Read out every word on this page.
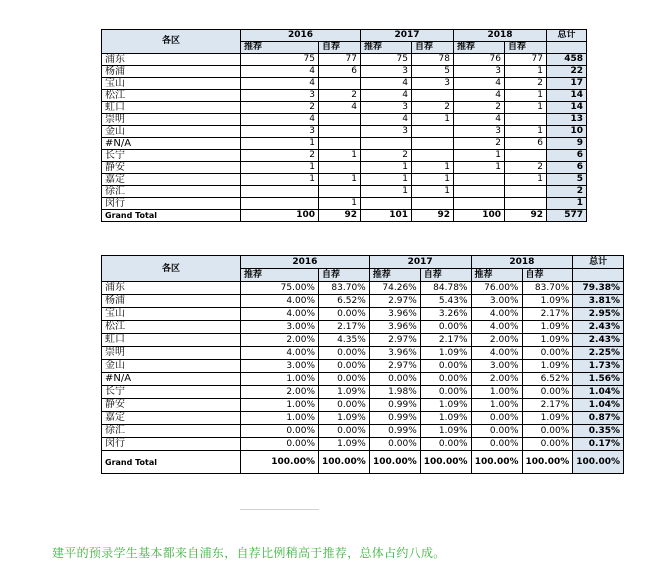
各区	2016		2017		2018		总计
	推荐	自荐	推荐	自荐	推荐	自荐	
浦东	75	77	75	78	76	77	458
杨浦	4	6	3	5	3	1	22
宝山	4		4	3	4	2	17
松江	3	2	4		4	1	14
虹口	2	4	3	2	2	1	14
崇明	4		4	1	4		13
金山	3		3		3	1	10
#N/A	1				2	6	9
长宁	2	1	2		1		6
静安	1		1	1	1	2	6
嘉定	1	1	1	1		1	5
徐汇			1	1			2
闵行		1					1
Grand Total	100	92	101	92	100	92	577
各区	2016		2017		2018		总计
	推荐	自荐	推荐	自荐	推荐	自荐	
浦东	75.00%	83.70%	74.26%	84.78%	76.00%	83.70%	79.38%
杨浦	4.00%	6.52%	2.97%	5.43%	3.00%	1.09%	3.81%
宝山	4.00%	0.00%	3.96%	3.26%	4.00%	2.17%	2.95%
松江	3.00%	2.17%	3.96%	0.00%	4.00%	1.09%	2.43%
虹口	2.00%	4.35%	2.97%	2.17%	2.00%	1.09%	2.43%
崇明	4.00%	0.00%	3.96%	1.09%	4.00%	0.00%	2.25%
金山	3.00%	0.00%	2.97%	0.00%	3.00%	1.09%	1.73%
#N/A	1.00%	0.00%	0.00%	0.00%	2.00%	6.52%	1.56%
长宁	2.00%	1.09%	1.98%	0.00%	1.00%	0.00%	1.04%
静安	1.00%	0.00%	0.99%	1.09%	1.00%	2.17%	1.04%
嘉定	1.00%	1.09%	0.99%	1.09%	0.00%	1.09%	0.87%
徐汇	0.00%	0.00%	0.99%	1.09%	0.00%	0.00%	0.35%
闵行	0.00%	1.09%	0.00%	0.00%	0.00%	0.00%	0.17%
Grand Total	100.00%	100.00%	100.00%	100.00%	100.00%	100.00%	100.00%
建平的预录学生基本都来自浦东，自荐比例稍高于推荐，总体占约八成。
